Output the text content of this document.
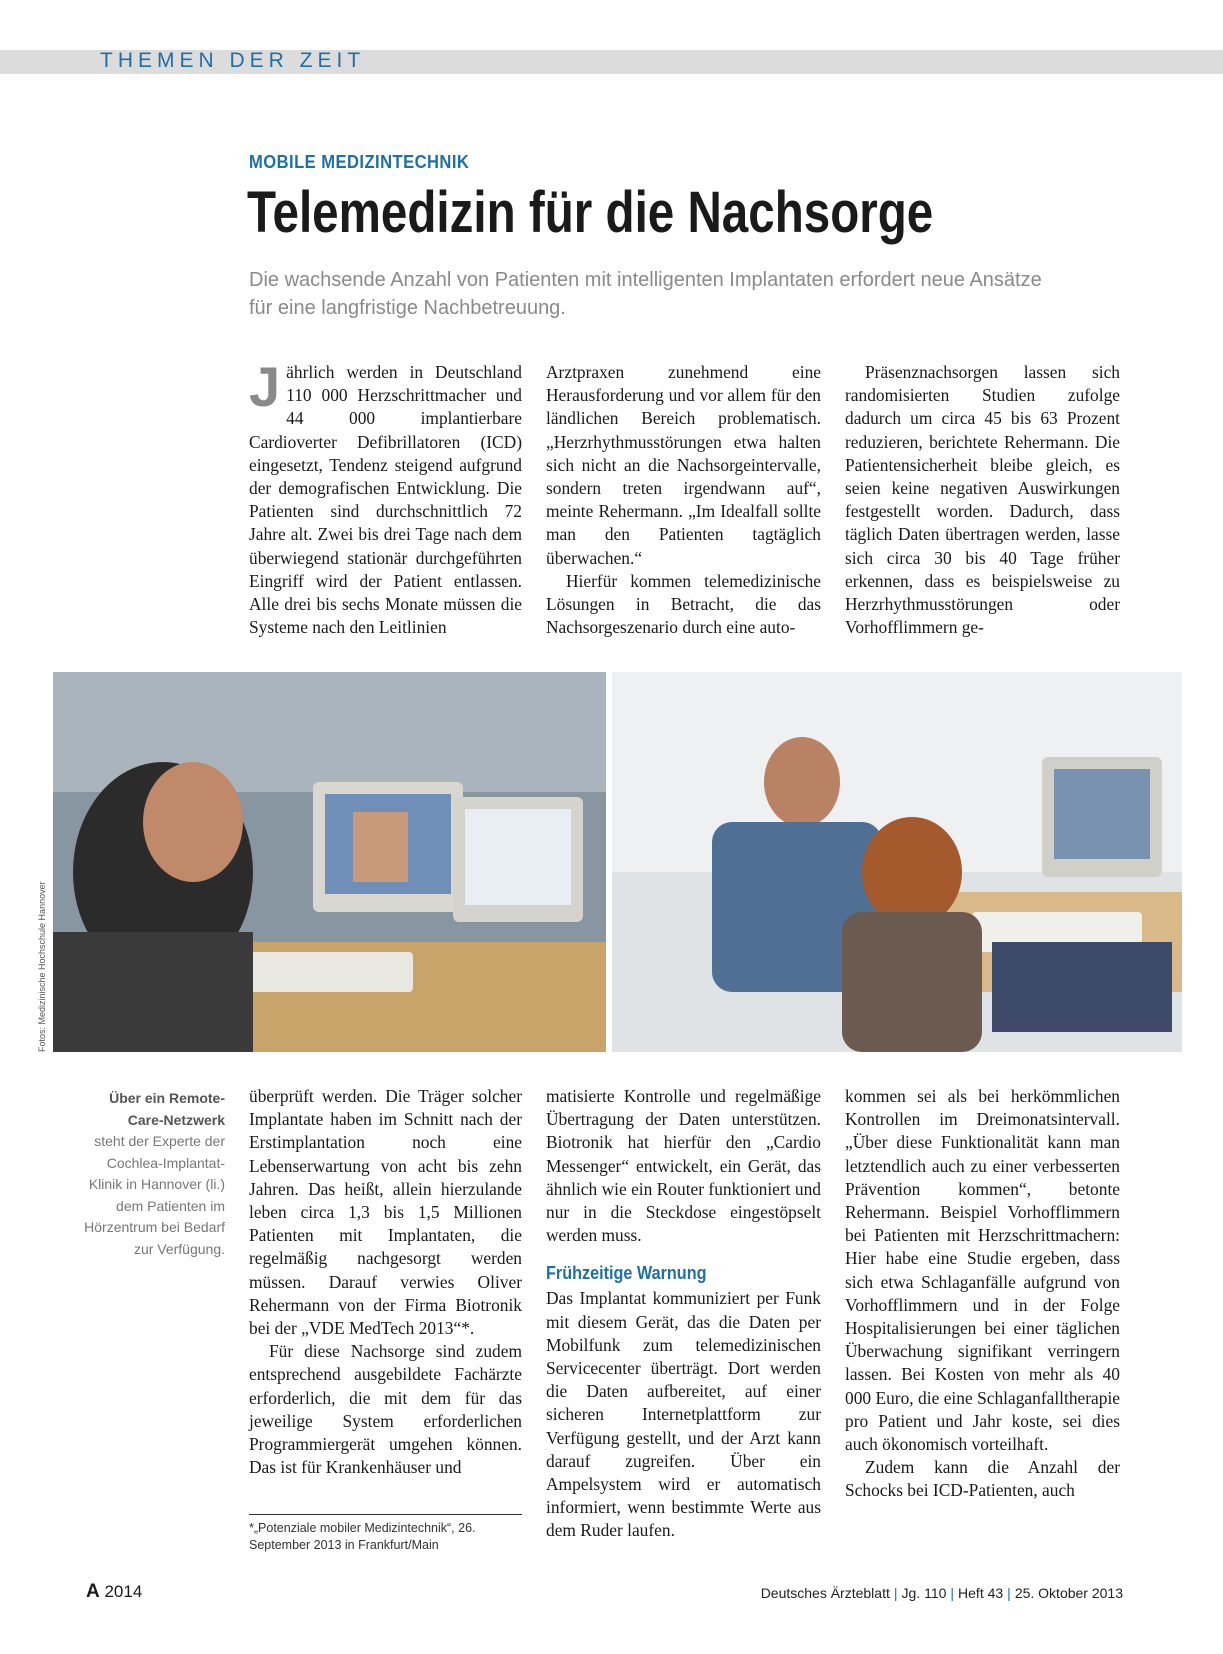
THEMEN DER ZEIT
MOBILE MEDIZINTECHNIK
Telemedizin für die Nachsorge
Die wachsende Anzahl von Patienten mit intelligenten Implantaten erfordert neue Ansätze für eine langfristige Nachbetreuung.

Jährlich werden in Deutschland 110 000 Herzschrittmacher und 44 000 implantierbare Cardioverter Defibrillatoren (ICD) eingesetzt, Tendenz steigend aufgrund der demografischen Entwicklung. Die Patienten sind durchschnittlich 72 Jahre alt. Zwei bis drei Tage nach dem überwiegend stationär durchgeführten Eingriff wird der Patient entlassen. Alle drei bis sechs Monate müssen die Systeme nach den Leitlinien

Arztpraxen zunehmend eine Herausforderung und vor allem für den ländlichen Bereich problematisch. „Herzrhythmusstörungen etwa halten sich nicht an die Nachsorgeintervalle, sondern treten irgendwann auf“, meinte Rehermann. „Im Idealfall sollte man den Patienten tagtäglich überwachen.“

Hierfür kommen telemedizinische Lösungen in Betracht, die das Nachsorgeszenario durch eine auto-

Präsenznachsorgen lassen sich randomisierten Studien zufolge dadurch um circa 45 bis 63 Prozent reduzieren, berichtete Rehermann. Die Patientensicherheit bleibe gleich, es seien keine negativen Auswirkungen festgestellt worden. Dadurch, dass täglich Daten übertragen werden, lasse sich circa 30 bis 40 Tage früher erkennen, dass es beispielsweise zu Herzrhythmusstörungen oder Vorhofflimmern ge-

Fotos: Medizinische Hochschule Hannover
Über ein Remote-Care-Netzwerk
steht der Experte der Cochlea-Implantat-Klinik in Hannover (li.) dem Patienten im Hörzentrum bei Bedarf zur Verfügung.

überprüft werden. Die Träger solcher Implantate haben im Schnitt nach der Erstimplantation noch eine Lebenserwartung von acht bis zehn Jahren. Das heißt, allein hierzulande leben circa 1,3 bis 1,5 Millionen Patienten mit Implantaten, die regelmäßig nachgesorgt werden müssen. Darauf verwies Oliver Rehermann von der Firma Biotronik bei der „VDE MedTech 2013“*.

Für diese Nachsorge sind zudem entsprechend ausgebildete Fachärzte erforderlich, die mit dem für das jeweilige System erforderlichen Programmiergerät umgehen können. Das ist für Krankenhäuser und

matisierte Kontrolle und regelmäßige Übertragung der Daten unterstützen. Biotronik hat hierfür den „Cardio Messenger“ entwickelt, ein Gerät, das ähnlich wie ein Router funktioniert und nur in die Steckdose eingestöpselt werden muss.

Frühzeitige Warnung

Das Implantat kommuniziert per Funk mit diesem Gerät, das die Daten per Mobilfunk zum telemedizinischen Servicecenter überträgt. Dort werden die Daten aufbereitet, auf einer sicheren Internetplattform zur Verfügung gestellt, und der Arzt kann darauf zugreifen. Über ein Ampelsystem wird er automatisch informiert, wenn bestimmte Werte aus dem Ruder laufen.

kommen sei als bei herkömmlichen Kontrollen im Dreimonatsintervall. „Über diese Funktionalität kann man letztendlich auch zu einer verbesserten Prävention kommen“, betonte Rehermann. Beispiel Vorhofflimmern bei Patienten mit Herzschrittmachern: Hier habe eine Studie ergeben, dass sich etwa Schlaganfälle aufgrund von Vorhofflimmern und in der Folge Hospitalisierungen bei einer täglichen Überwachung signifikant verringern lassen. Bei Kosten von mehr als 40 000 Euro, die eine Schlaganfalltherapie pro Patient und Jahr koste, sei dies auch ökonomisch vorteilhaft.

Zudem kann die Anzahl der Schocks bei ICD-Patienten, auch

*„Potenziale mobiler Medizintechnik“, 26. September 2013 in Frankfurt/Main
A 2014	Deutsches Ärzteblatt | Jg. 110 | Heft 43 | 25. Oktober 2013
